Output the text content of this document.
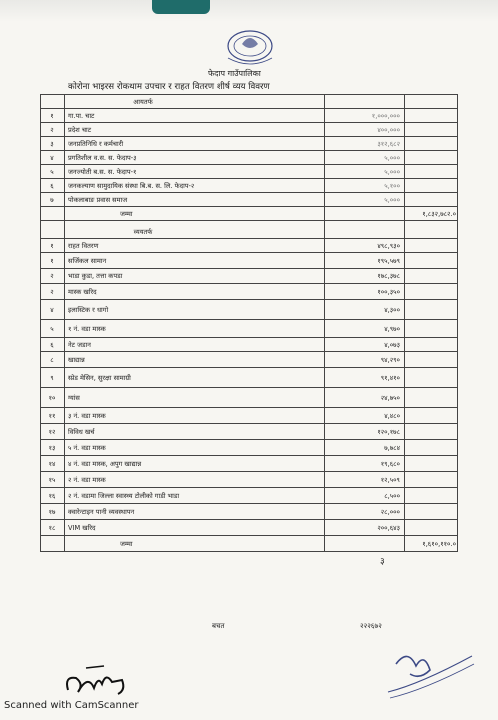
फेदाप गाउँपालिका
कोरोना भाइरस रोकथाम उपचार र राहत वितरण शीर्ष व्यय विवरण
आयतर्फ
१	गा.पा. चाट	१,०००,०००
२	प्रदेश चाट	४००,०००
३	जनप्रतिनिधि र कर्मचारी	३१२,६८२
४	प्रगतिशील व.स. स. फेदाप-३	५,०००
५	जनज्योती ब.स. स. फेदाप-१	५,०००
६	जनकल्याण सामुदायिक संस्था बि.ब. स. लि. फेदाप-२	५,१००
७	पोकलाबाङ प्रवास समाज	५,०००
जम्मा	१,८३२,७८२.०
व्ययतर्फ
१	राहत वितरण	४९८,९३०
१	सर्जिकल सामान	१९५,५७९
२	भाडा कुडा, तत्ता कपडा	१७८,३७८
२	मास्क खरिद	१००,३५०
४	इलास्टिक र धागो	४,३००
५	१ नं. वडा मास्क	४,९७०
६	नेट जडान	४,०७३
८	खाद्यान्न	९४,२९०
९	स्प्रेड मेसिन, सुरक्षा सामाग्री	९१,४१०
१०	ग्यांस	२४,७५०
११	३ नं. वडा मास्क	४,४८०
१२	विविध खर्च	१२०,१७८
१३	५ नं. वडा मास्क	७,७८४
१४	४ नं. वडा मास्क, अपुग खाद्यान्न	१९,६८०
१५	२ नं. वडा मास्क	१२,५०९
१६	२ नं. वडामा जिल्ला स्वास्थ्य टोलीको गाडी भाडा	८,५००
१७	क्वारेन्टाइन पानी व्यवस्थापन	२८,०००
१८	VIM खरिद	२००,६४३
जम्मा	१,६१०,११०.०
बचत	२२२६७२
३
Scanned with CamScanner
